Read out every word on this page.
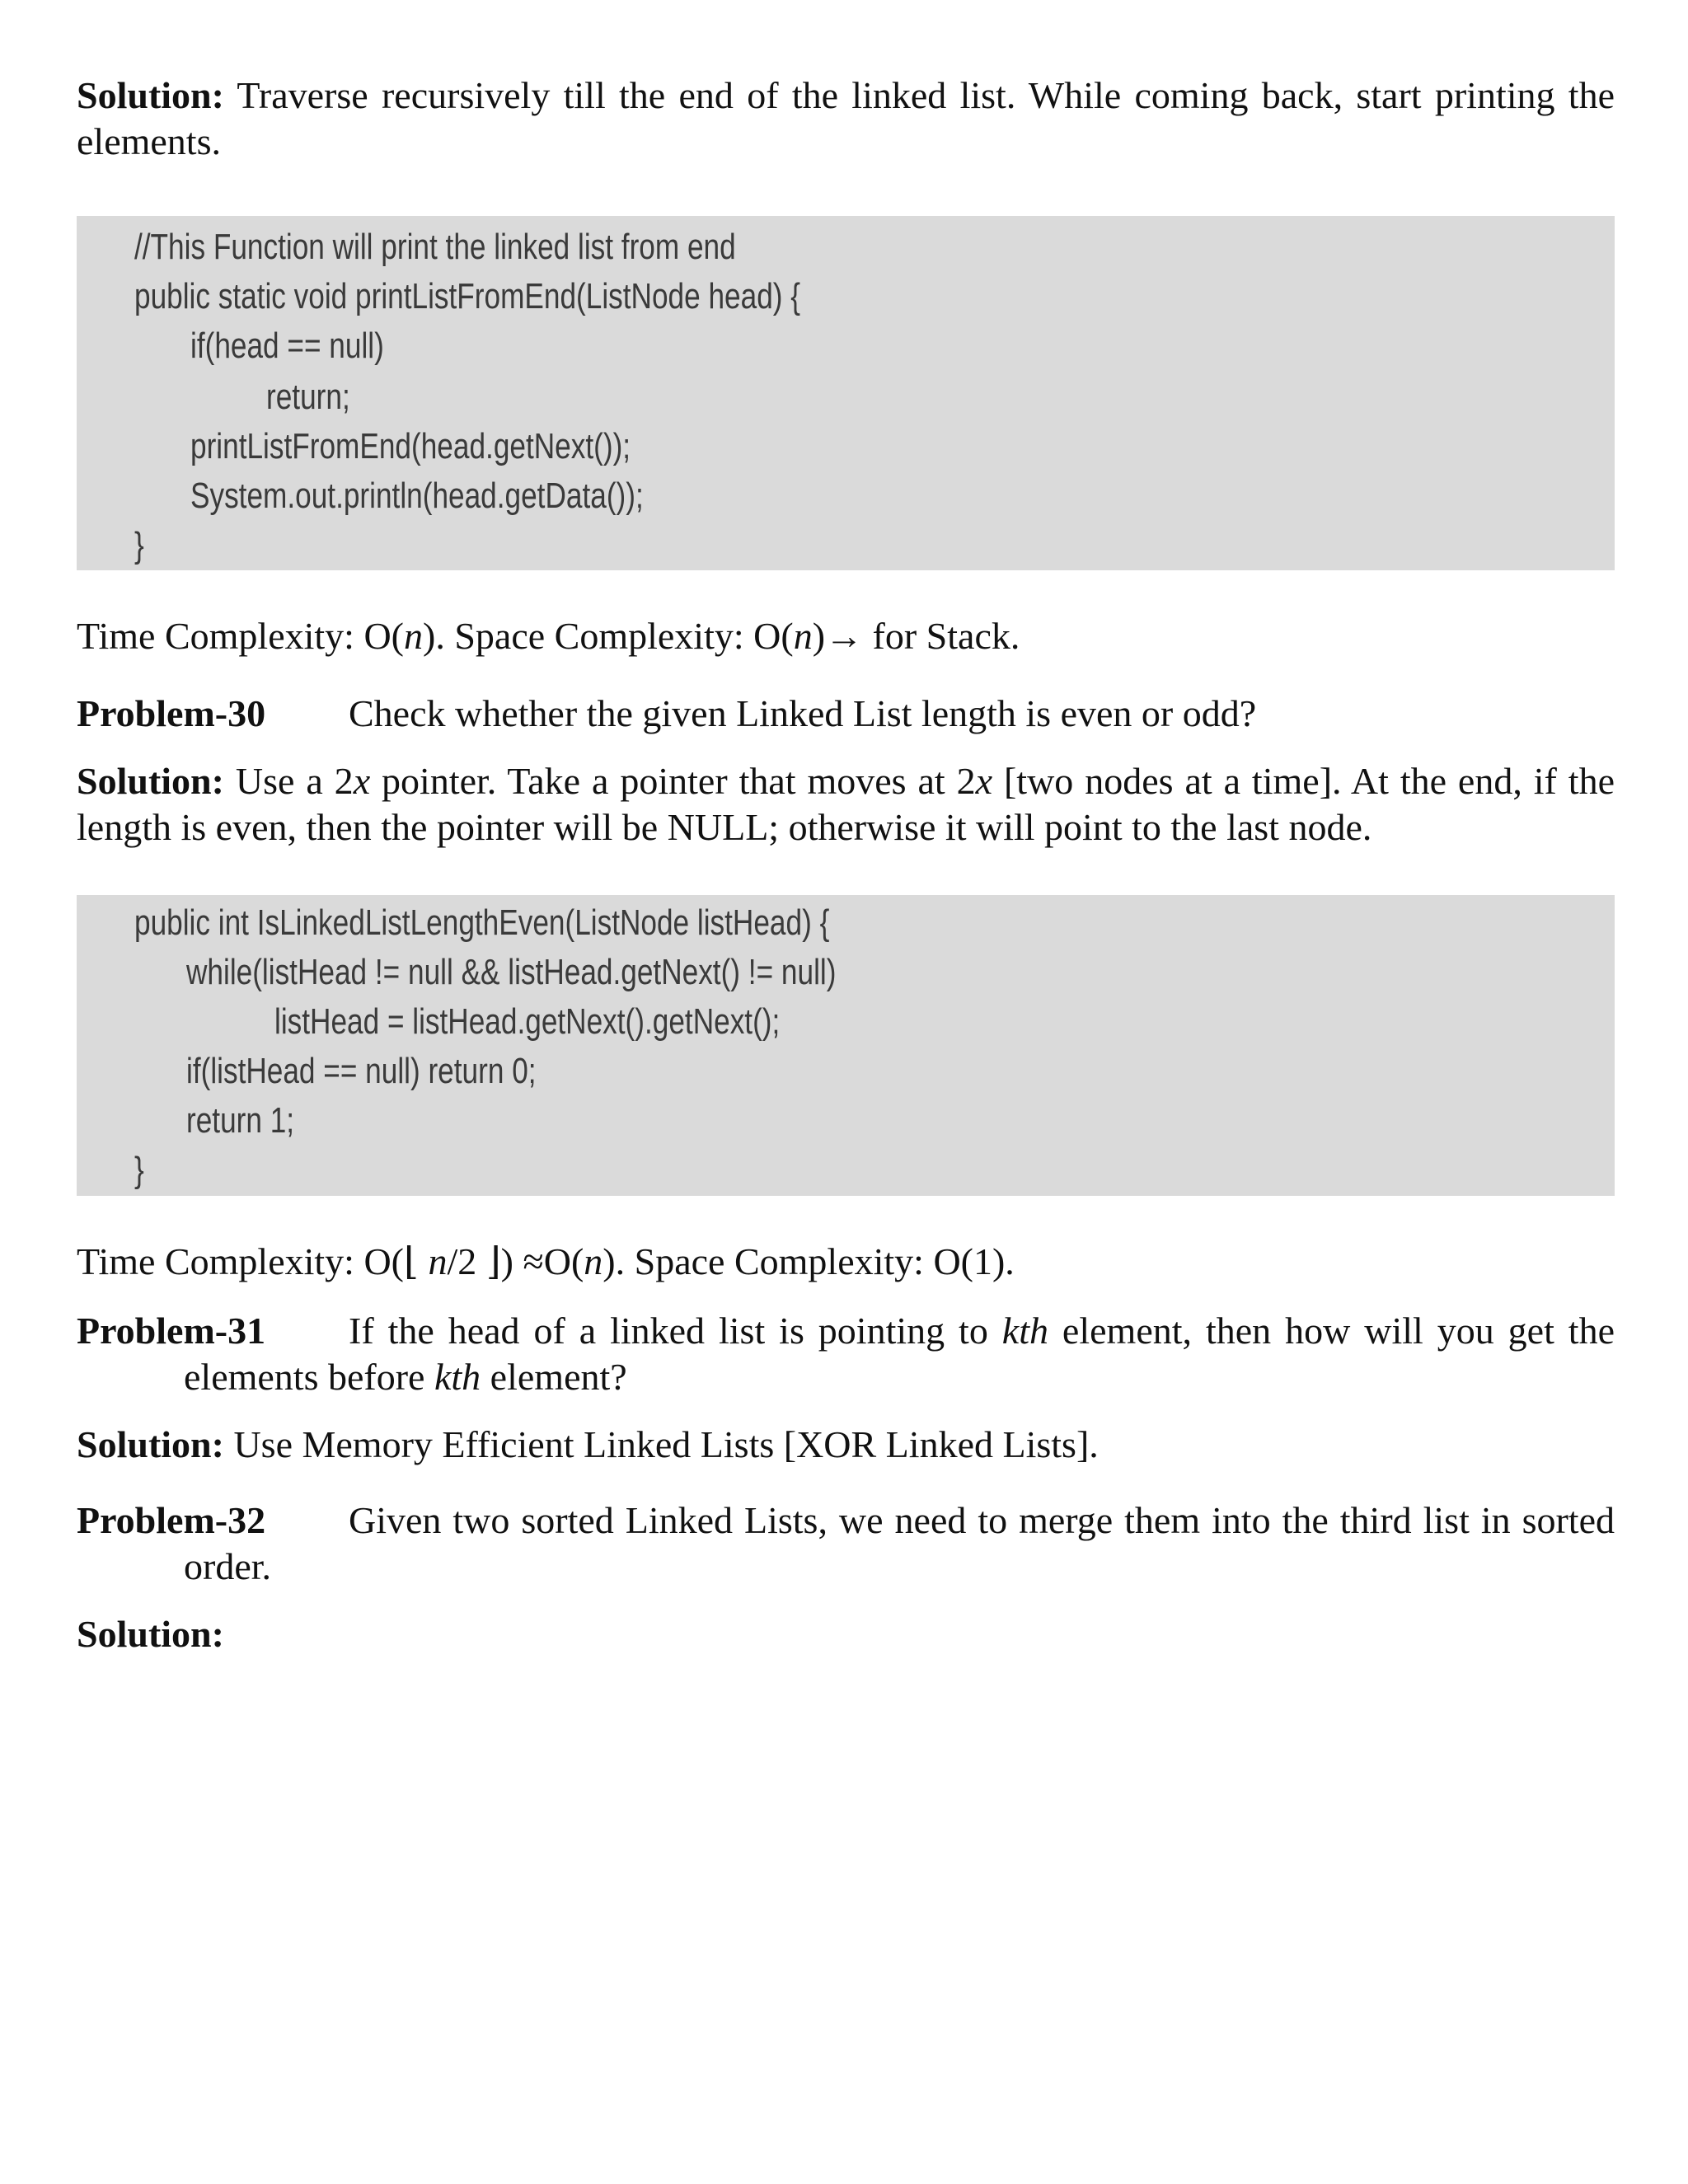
Solution: Traverse recursively till the end of the linked list. While coming back, start printing the elements.

//This Function will print the linked list from end
public static void printListFromEnd(ListNode head) {
if(head == null)
return;
printListFromEnd(head.getNext());
System.out.println(head.getData());
}

Time Complexity: O(n). Space Complexity: O(n)→ for Stack.

Problem-30 Check whether the given Linked List length is even or odd?

Solution: Use a 2x pointer. Take a pointer that moves at 2x [two nodes at a time]. At the end, if the length is even, then the pointer will be NULL; otherwise it will point to the last node.

public int IsLinkedListLengthEven(ListNode listHead) {
while(listHead != null && listHead.getNext() != null)
listHead = listHead.getNext().getNext();
if(listHead == null) return 0;
return 1;
}

Time Complexity: O(⌊ n/2 ⌋) ≈O(n). Space Complexity: O(1).

Problem-31 If the head of a linked list is pointing to kth element, then how will you get the elements before kth element?

Solution: Use Memory Efficient Linked Lists [XOR Linked Lists].

Problem-32 Given two sorted Linked Lists, we need to merge them into the third list in sorted order.

Solution:
